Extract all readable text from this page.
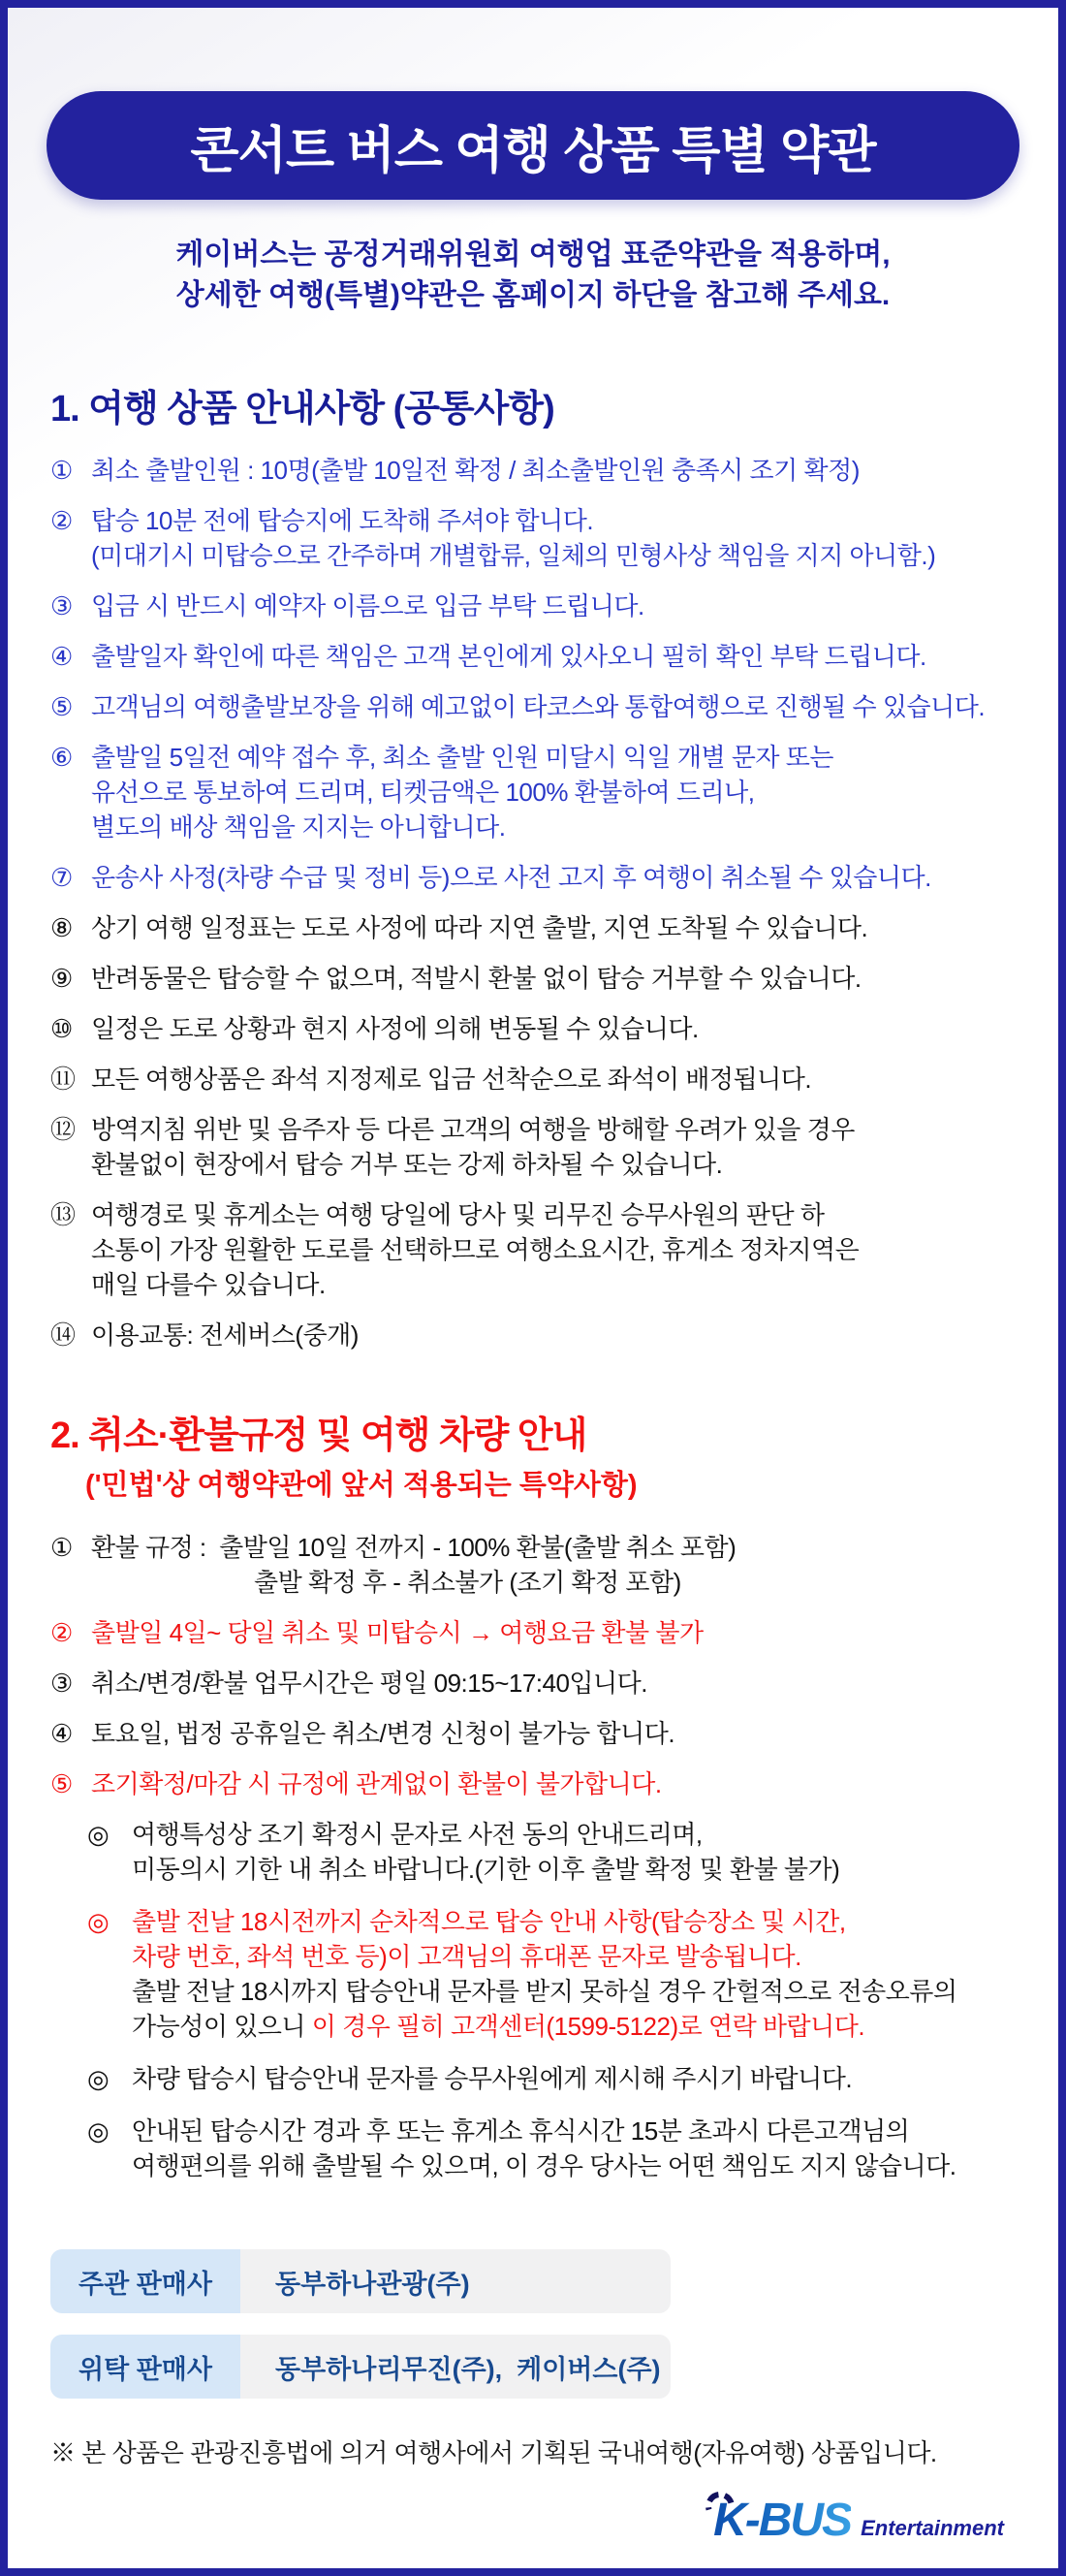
콘서트 버스 여행 상품 특별 약관
케이버스는 공정거래위원회 여행업 표준약관을 적용하며,
상세한 여행(특별)약관은 홈페이지 하단을 참고해 주세요.
1. 여행 상품 안내사항 (공통사항)
① 최소 출발인원 : 10명(출발 10일전 확정 / 최소출발인원 충족시 조기 확정)
② 탑승 10분 전에 탑승지에 도착해 주셔야 합니다.
(미대기시 미탑승으로 간주하며 개별합류, 일체의 민형사상 책임을 지지 아니함.)
③ 입금 시 반드시 예약자 이름으로 입금 부탁 드립니다.
④ 출발일자 확인에 따른 책임은 고객 본인에게 있사오니 필히 확인 부탁 드립니다.
⑤ 고객님의 여행출발보장을 위해 예고없이 타코스와 통합여행으로 진행될 수 있습니다.
⑥ 출발일 5일전 예약 접수 후, 최소 출발 인원 미달시 익일 개별 문자 또는
유선으로 통보하여 드리며, 티켓금액은 100% 환불하여 드리나,
별도의 배상 책임을 지지는 아니합니다.
⑦ 운송사 사정(차량 수급 및 정비 등)으로 사전 고지 후 여행이 취소될 수 있습니다.
⑧ 상기 여행 일정표는 도로 사정에 따라 지연 출발, 지연 도착될 수 있습니다.
⑨ 반려동물은 탑승할 수 없으며, 적발시 환불 없이 탑승 거부할 수 있습니다.
⑩ 일정은 도로 상황과 현지 사정에 의해 변동될 수 있습니다.
⑪ 모든 여행상품은 좌석 지정제로 입금 선착순으로 좌석이 배정됩니다.
⑫ 방역지침 위반 및 음주자 등 다른 고객의 여행을 방해할 우려가 있을 경우
환불없이 현장에서 탑승 거부 또는 강제 하차될 수 있습니다.
⑬ 여행경로 및 휴게소는 여행 당일에 당사 및 리무진 승무사원의 판단 하
소통이 가장 원활한 도로를 선택하므로 여행소요시간, 휴게소 정차지역은
매일 다를수 있습니다.
⑭ 이용교통: 전세버스(중개)
2. 취소·환불규정 및 여행 차량 안내
('민법'상 여행약관에 앞서 적용되는 특약사항)
① 환불 규정 :  출발일 10일 전까지 - 100% 환불(출발 취소 포함)
출발 확정 후 - 취소불가 (조기 확정 포함)
② 출발일 4일~ 당일 취소 및 미탑승시 → 여행요금 환불 불가
③ 취소/변경/환불 업무시간은 평일 09:15~17:40입니다.
④ 토요일, 법정 공휴일은 취소/변경 신청이 불가능 합니다.
⑤ 조기확정/마감 시 규정에 관계없이 환불이 불가합니다.
◎ 여행특성상 조기 확정시 문자로 사전 동의 안내드리며,
미동의시 기한 내 취소 바랍니다.(기한 이후 출발 확정 및 환불 불가)
◎ 출발 전날 18시전까지 순차적으로 탑승 안내 사항(탑승장소 및 시간,
차량 번호, 좌석 번호 등)이 고객님의 휴대폰 문자로 발송됩니다.
출발 전날 18시까지 탑승안내 문자를 받지 못하실 경우 간헐적으로 전송오류의
가능성이 있으니 이 경우 필히 고객센터(1599-5122)로 연락 바랍니다.
◎ 차량 탑승시 탑승안내 문자를 승무사원에게 제시해 주시기 바랍니다.
◎ 안내된 탑승시간 경과 후 또는 휴게소 휴식시간 15분 초과시 다른고객님의
여행편의를 위해 출발될 수 있으며, 이 경우 당사는 어떤 책임도 지지 않습니다.
주관 판매사	동부하나관광(주)
위탁 판매사	동부하나리무진(주),  케이버스(주)
※ 본 상품은 관광진흥법에 의거 여행사에서 기획된 국내여행(자유여행) 상품입니다.
K-BUS Entertainment
